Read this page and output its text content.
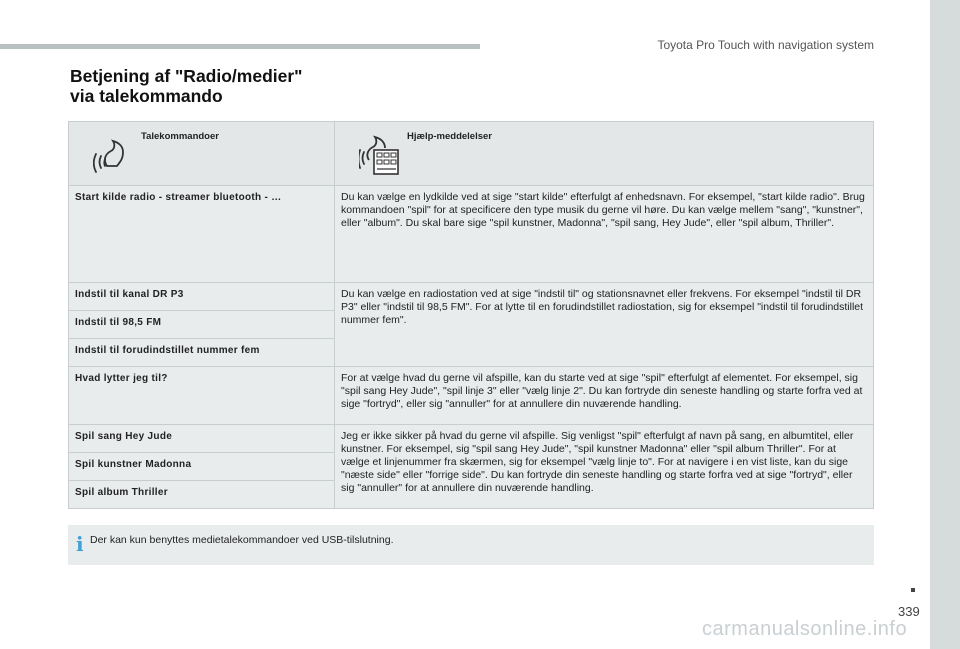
Toyota Pro Touch with navigation system
Betjening af "Radio/medier"
via talekommando
Talekommandoer	Hjælp-meddelelser

Start kilde radio - streamer bluetooth - …	Du kan vælge en lydkilde ved at sige "start kilde" efterfulgt af enhedsnavn. For eksempel, "start kilde radio". Brug kommandoen "spil" for at specificere den type musik du gerne vil høre. Du kan vælge mellem "sang", "kunstner", eller "album". Du skal bare sige "spil kunstner, Madonna", "spil sang, Hey Jude", eller "spil album, Thriller".
Indstil til kanal DR P3	Du kan vælge en radiostation ved at sige "indstil til" og stationsnavnet eller frekvens. For eksempel "indstil til DR P3" eller "indstil til 98,5 FM". For at lytte til en forudindstillet radiostation, sig for eksempel "indstil til forudindstillet nummer fem".
Indstil til 98,5 FM	
Indstil til forudindstillet nummer fem	
Hvad lytter jeg til?	For at vælge hvad du gerne vil afspille, kan du starte ved at sige "spil" efterfulgt af elementet. For eksempel, sig "spil sang Hey Jude", "spil linje 3" eller "vælg linje 2". Du kan fortryde din seneste handling og starte forfra ved at sige "fortryd", eller sig "annuller" for at annullere din nuværende handling.
Spil sang Hey Jude	Jeg er ikke sikker på hvad du gerne vil afspille. Sig venligst "spil" efterfulgt af navn på sang, en albumtitel, eller kunstner. For eksempel, sig "spil sang Hey Jude", "spil kunstner Madonna" eller "spil album Thriller". For at vælge et linjenummer fra skærmen, sig for eksempel "vælg linje to". For at navigere i en vist liste, kan du sige "næste side" eller "forrige side". Du kan fortryde din seneste handling og starte forfra ved at sige "fortryd", eller sig "annuller" for at annullere din nuværende handling.
Spil kunstner Madonna	
Spil album Thriller	
i Der kan kun benyttes medietalekommandoer ved USB-tilslutning.
339
carmanualsonline.info
